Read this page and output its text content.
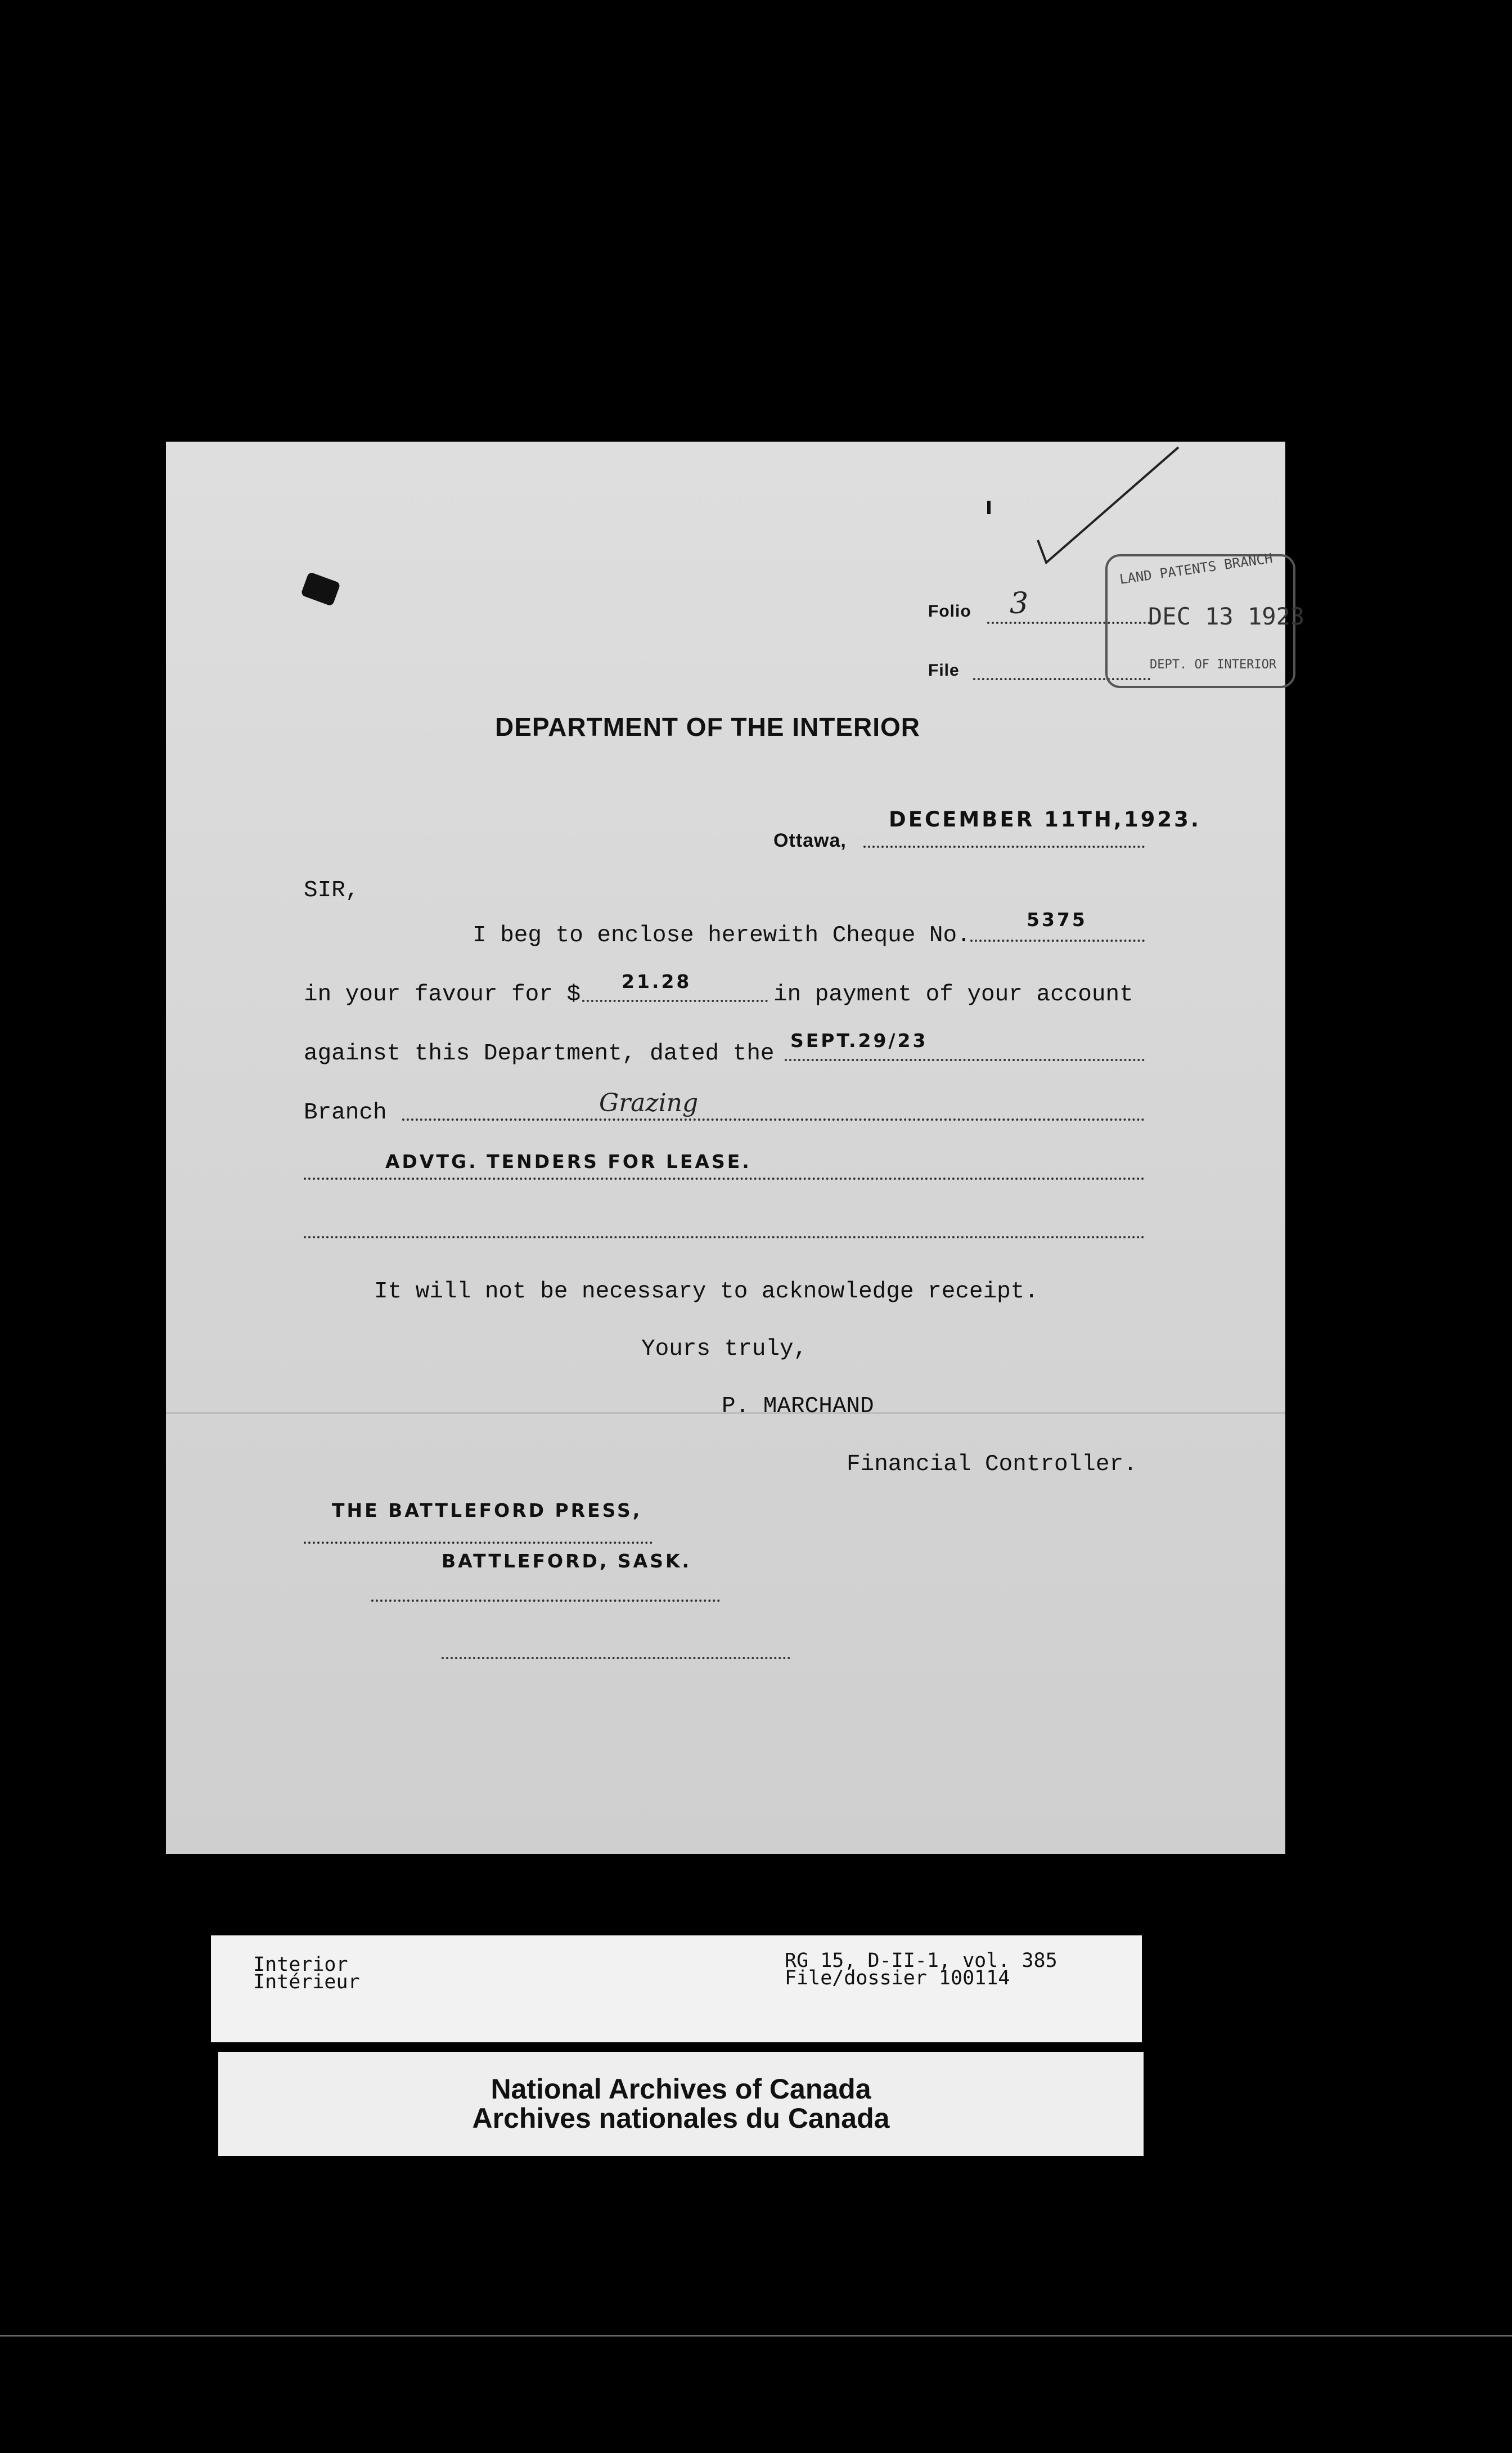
Folio 3
File
LAND PATENTS BRANCH
DEC 13 1923
DEPT. OF INTERIOR
DEPARTMENT OF THE INTERIOR
Ottawa,
DECEMBER 11TH,1923.
SIR,
I beg to enclose herewith Cheque No.
5375
in your favour for $
21.28
in payment of your account
against this Department, dated the
SEPT.29/23
Branch	Grazing
ADVTG. TENDERS FOR LEASE.
It will not be necessary to acknowledge receipt.
Yours truly,
P. MARCHAND
Financial Controller.
THE BATTLEFORD PRESS,
BATTLEFORD, SASK.
Interior
Intérieur
RG 15, D-II-1, vol. 385
File/dossier 100114
National Archives of Canada
Archives nationales du Canada
